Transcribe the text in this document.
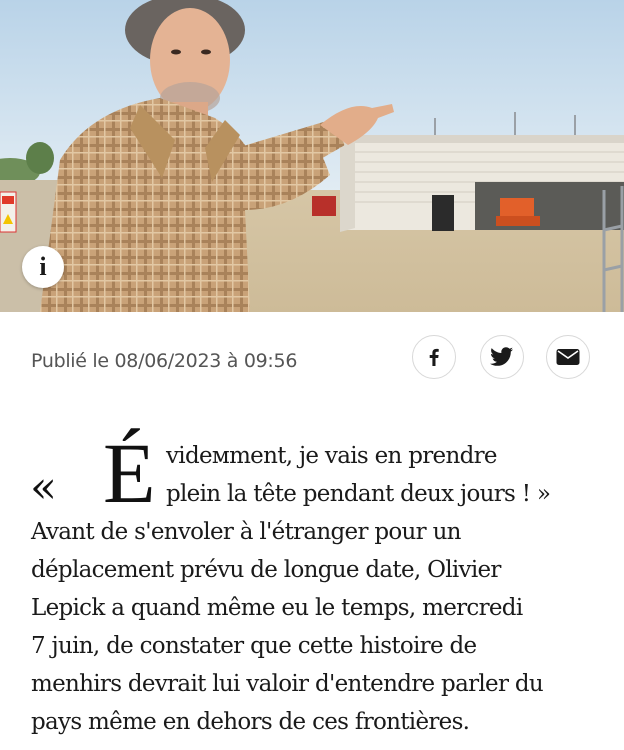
i
Publié le 08/06/2023 à 09:56
« É vidемment, je vais en prendre
plein la tête pendant deux jours ! »
Avant de s'envoler à l'étranger pour un
déplacement prévu de longue date, Olivier
Lepick a quand même eu le temps, mercredi
7 juin, de constater que cette histoire de
menhirs devrait lui valoir d'entendre parler du
pays même en dehors de ces frontières.
